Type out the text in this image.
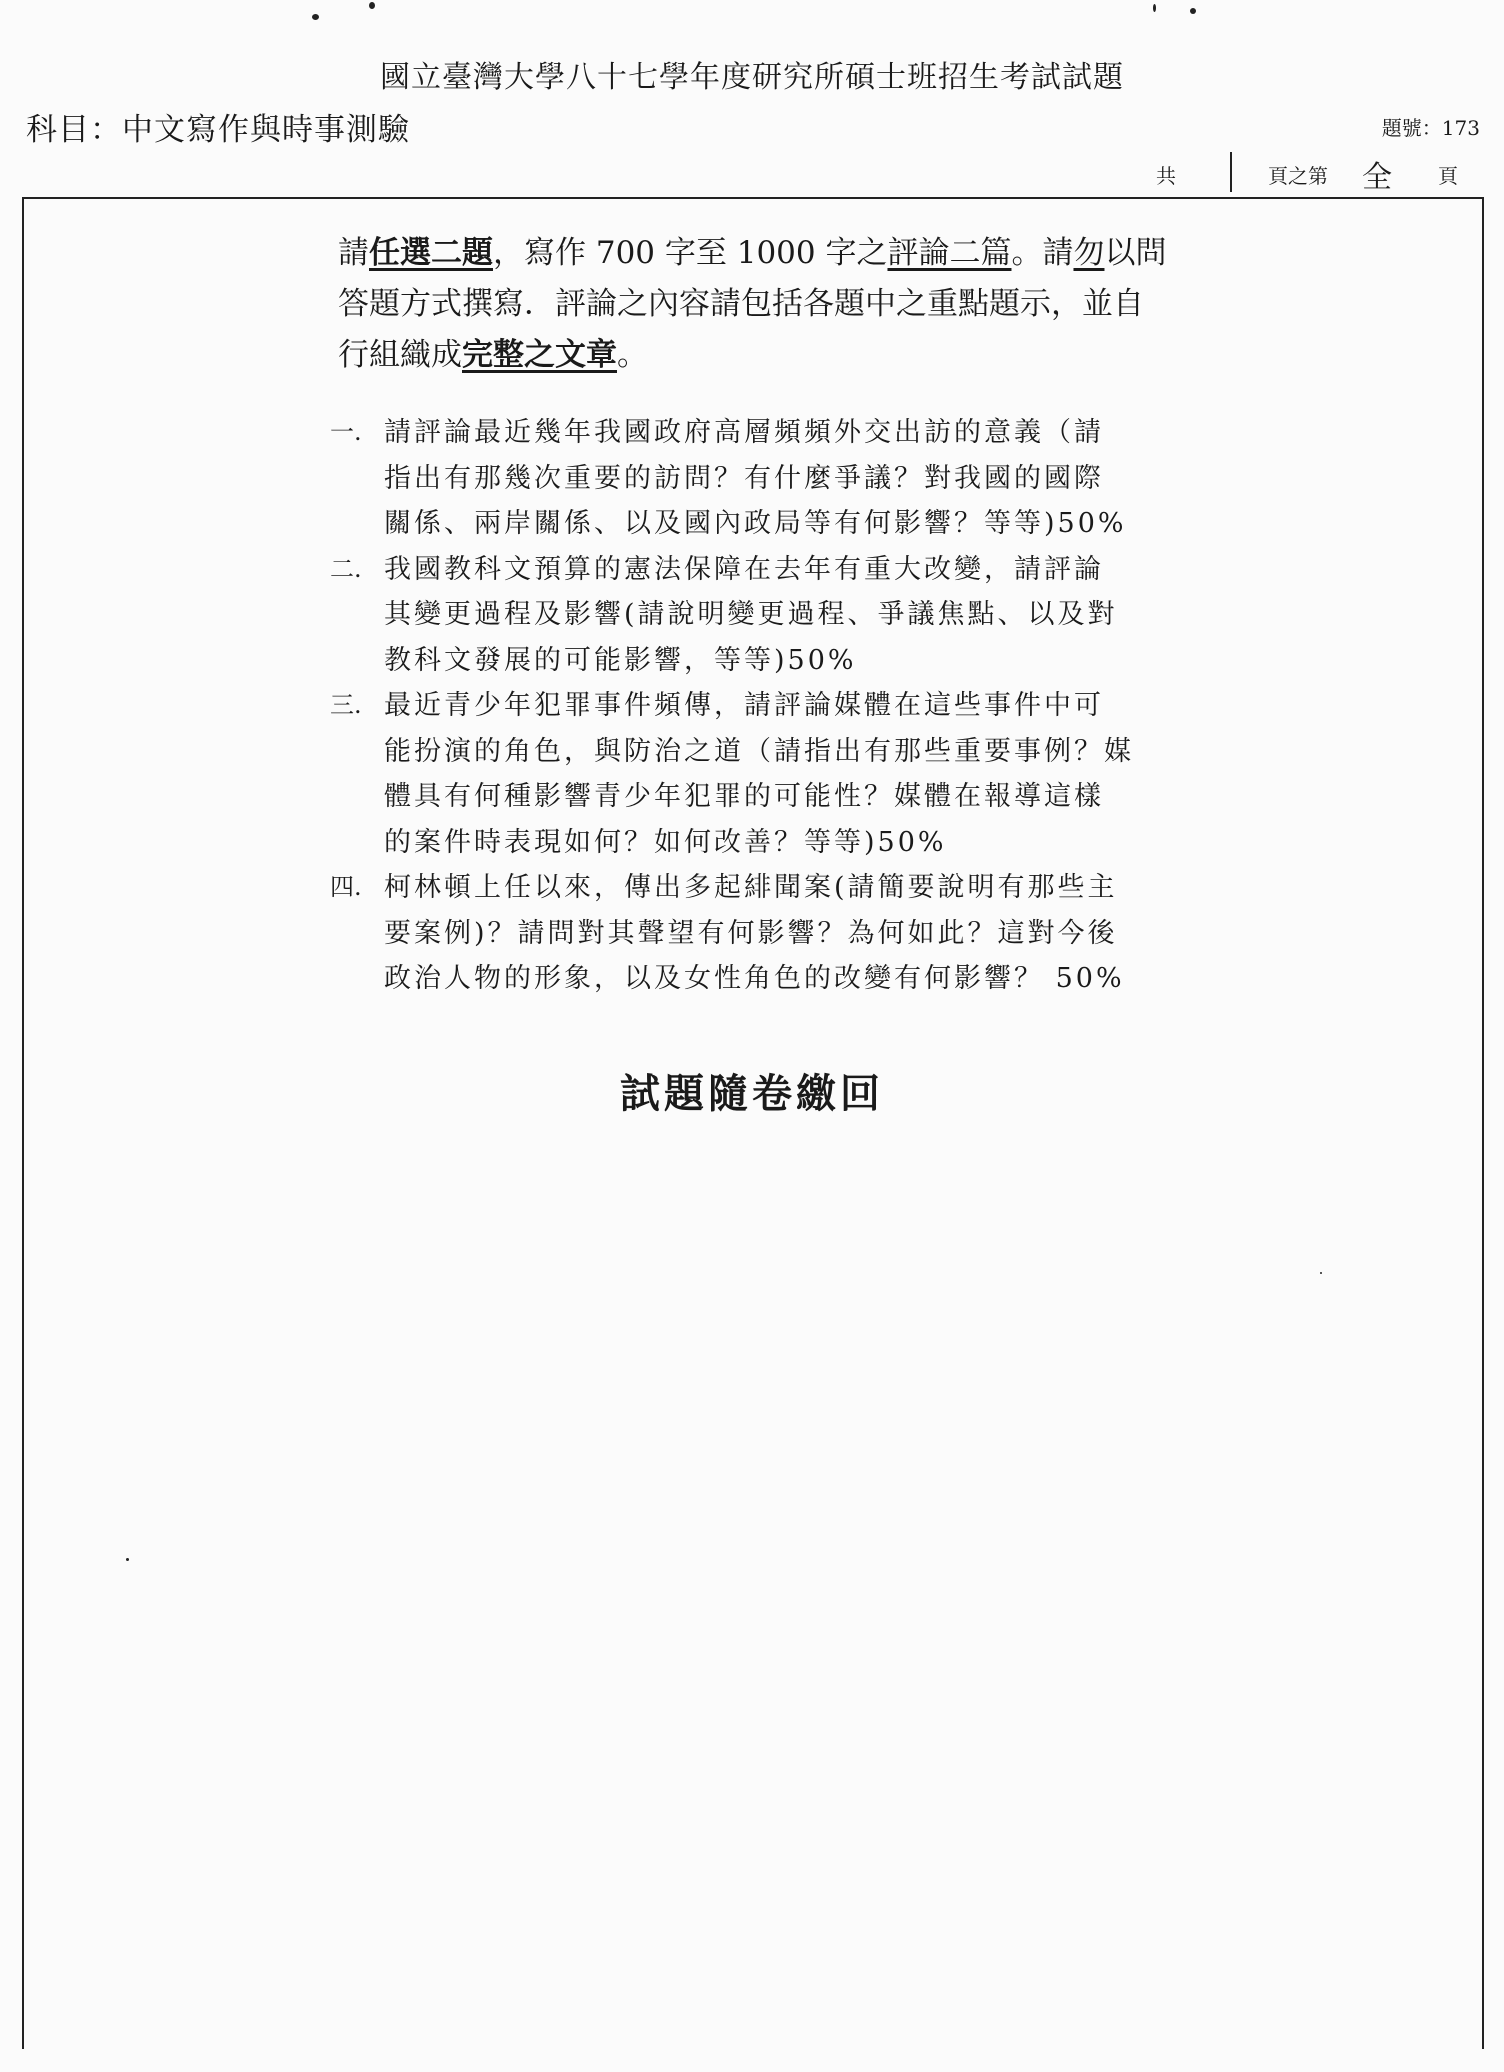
國立臺灣大學八十七學年度研究所碩士班招生考試試題
科目：中文寫作與時事測驗	題號：173
共	頁之第 全 頁
請任選二題，寫作 700 字至 1000 字之評論二篇。請勿以問
答題方式撰寫．評論之內容請包括各題中之重點題示，並自
行組織成完整之文章。
一. 請評論最近幾年我國政府高層頻頻外交出訪的意義（請
指出有那幾次重要的訪問？有什麼爭議？對我國的國際
關係、兩岸關係、以及國內政局等有何影響？等等)50%
二. 我國教科文預算的憲法保障在去年有重大改變，請評論
其變更過程及影響(請說明變更過程、爭議焦點、以及對
教科文發展的可能影響，等等)50%
三. 最近青少年犯罪事件頻傳，請評論媒體在這些事件中可
能扮演的角色，與防治之道（請指出有那些重要事例？媒
體具有何種影響青少年犯罪的可能性？媒體在報導這樣
的案件時表現如何？如何改善？等等)50%
四. 柯林頓上任以來，傳出多起緋聞案(請簡要說明有那些主
要案例)？請問對其聲望有何影響？為何如此？這對今後
政治人物的形象，以及女性角色的改變有何影響？ 50%
試題隨卷繳回
